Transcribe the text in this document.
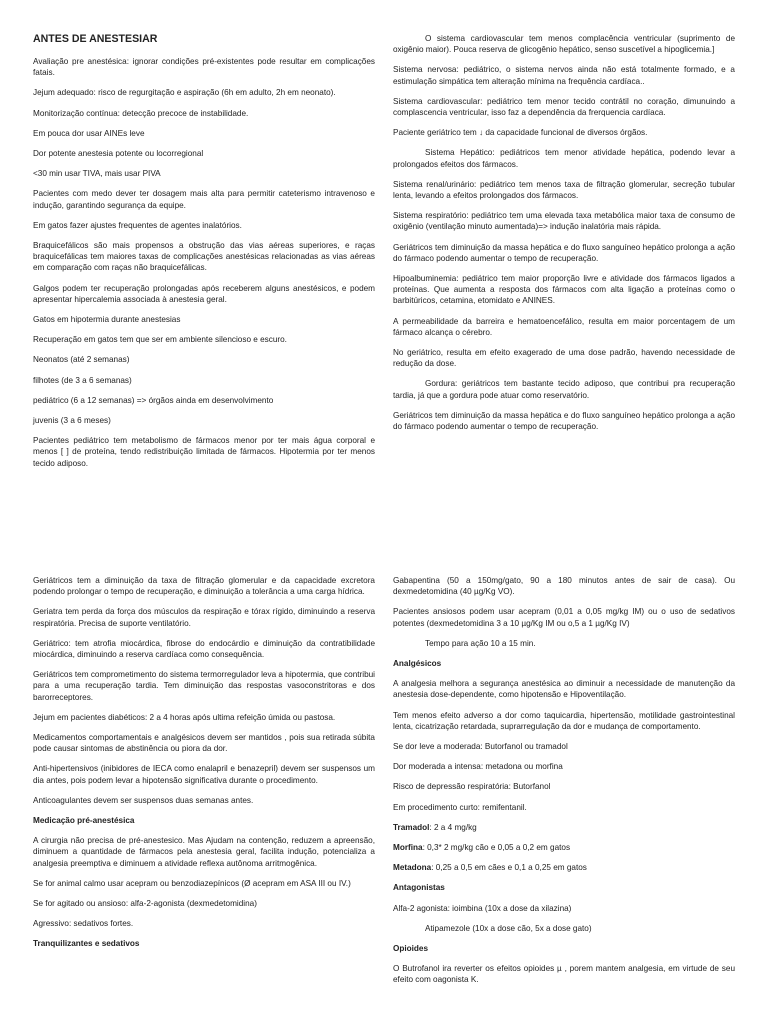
ANTES DE ANESTESIAR

Avaliação pre anestésica: ignorar condições pré-existentes pode resultar em complicações fatais.

Jejum adequado: risco de regurgitação e aspiração (6h em adulto, 2h em neonato).

Monitorização contínua: detecção precoce de instabilidade.

Em pouca dor usar AINEs leve

Dor potente anestesia potente ou locorregional

<30 min usar TIVA, mais usar PIVA

Pacientes com medo dever ter dosagem mais alta para permitir cateterismo intravenoso e indução, garantindo segurança da equipe.

Em gatos fazer ajustes frequentes de agentes inalatórios.

Braquicefálicos são mais propensos a obstrução das vias aéreas superiores, e raças braquicefálicas tem maiores taxas de complicações anestésicas relacionadas as vias aéreas em comparação com raças não braquicefálicas.

Galgos podem ter recuperação prolongadas após receberem alguns anestésicos, e podem apresentar hipercalemia associada à anestesia geral.

Gatos em hipotermia durante anestesias

Recuperação em gatos tem que ser em ambiente silencioso e escuro.

Neonatos (até 2 semanas)

filhotes (de 3 a 6 semanas)

pediátrico (6 a 12 semanas) => órgãos ainda em desenvolvimento

juvenis (3 a 6 meses)

Pacientes pediátrico tem metabolismo de fármacos menor por ter mais água corporal e menos [ ] de proteína, tendo redistribuição limitada de fármacos. Hipotermia por ter menos tecido adiposo.

O sistema cardiovascular tem menos complacência ventricular (suprimento de oxigênio maior). Pouca reserva de glicogênio hepático, senso suscetível a hipoglicemia.]

Sistema nervosa: pediátrico, o sistema nervos ainda não está totalmente formado, e a estimulação simpática tem alteração mínima na frequência cardíaca..

Sistema cardiovascular: pediátrico tem menor tecido contrátil no coração, dimunuindo a complascencia ventricular, isso faz a dependência da frerquencia cardíaca.

Paciente geriátrico tem ↓ da capacidade funcional de diversos órgãos.

Sistema Hepático: pediátricos tem menor atividade hepática, podendo levar a prolongados efeitos dos fármacos.

Sistema renal/urinário: pediátrico tem menos taxa de filtração glomerular, secreção tubular lenta, levando a efeitos prolongados dos fármacos.

Sistema respiratório: pediátrico tem uma elevada taxa metabólica maior taxa de consumo de oxigênio (ventilação minuto aumentada)=> indução inalatória mais rápida.

Geriátricos tem diminuição da massa hepática e do fluxo sanguíneo hepático prolonga a ação do fármaco podendo aumentar o tempo de recuperação.

Hipoalbuminemia: pediátrico tem maior proporção livre e atividade dos fármacos ligados a proteínas. Que aumenta a resposta dos fármacos com alta ligação a proteínas como o barbitúricos, cetamina, etomidato e ANINES.

A permeabilidade da barreira e hematoencefálico, resulta em maior porcentagem de um fármaco alcança o cérebro.

No geriátrico, resulta em efeito exagerado de uma dose padrão, havendo necessidade de redução da dose.

Gordura: geriátricos tem bastante tecido adiposo, que contribui pra recuperação tardia, já que a gordura pode atuar como reservatório.

Geriátricos tem diminuição da massa hepática e do fluxo sanguíneo hepático prolonga a ação do fármaco podendo aumentar o tempo de recuperação.

Geriátricos tem a diminuição da taxa de filtração glomerular e da capacidade excretora podendo prolongar o tempo de recuperação, e diminuição a tolerância a uma carga hídrica.

Geriatra tem perda da força dos músculos da respiração e tórax rígido, diminuindo a reserva respiratória. Precisa de suporte ventilatório.

Geriátrico: tem atrofia miocárdica, fibrose do endocárdio e diminuição da contratibilidade miocárdica, diminuindo a reserva cardíaca como consequência.

Geriátricos tem comprometimento do sistema termorregulador leva a hipotermia, que contribui para a uma recuperação tardia. Tem diminuição das respostas vasoconstritoras e dos barorreceptores.

Jejum em pacientes diabéticos: 2 a 4 horas após ultima refeição úmida ou pastosa.

Medicamentos comportamentais e analgésicos devem ser mantidos , pois sua retirada súbita pode causar sintomas de abstinência ou piora da dor.

Anti-hipertensivos (inibidores de IECA como enalapril e benazepril) devem ser suspensos um dia antes, pois podem levar a hipotensão significativa durante o procedimento.

Anticoagulantes devem ser suspensos duas semanas antes.

Medicação pré-anestésica

A cirurgia não precisa de pré-anestesico. Mas Ajudam na contenção, reduzem a apreensão, diminuem a quantidade de fármacos pela anestesia geral, facilita indução, potencializa a analgesia preemptiva e diminuem a atividade reflexa autônoma arritmogênica.

Se for animal calmo usar acepram ou benzodiazepínicos (Ø acepram em ASA III ou IV.)

Se for agitado ou ansioso: alfa-2-agonista (dexmedetomidina)

Agressivo: sedativos fortes.

Tranquilizantes e sedativos

Gabapentina (50 a 150mg/gato, 90 a 180 minutos antes de sair de casa). Ou dexmedetomidina (40 µg/Kg VO).

Pacientes ansiosos podem usar acepram (0,01 a 0,05 mg/kg IM) ou o uso de sedativos potentes (dexmedetomidina 3 a 10 µg/Kg IM ou o,5 a 1 µg/Kg IV)

Tempo para ação 10 a 15 min.

Analgésicos

A analgesia melhora a segurança anestésica ao diminuir a necessidade de manutenção da anestesia dose-dependente, como hipotensão e Hipoventilação.

Tem menos efeito adverso a dor como taquicardia, hipertensão, motilidade gastrointestinal lenta, cicatrização retardada, suprarregulação da dor e mudança de comportamento.

Se dor leve a moderada: Butorfanol ou tramadol

Dor moderada a intensa: metadona ou morfina

Risco de depressão respiratória: Butorfanol

Em procedimento curto: remifentanil.

Tramadol: 2 a 4 mg/kg

Morfina: 0,3* 2 mg/kg cão e 0,05 a 0,2 em gatos

Metadona: 0,25 a 0,5 em cães e 0,1 a 0,25 em gatos

Antagonistas

Alfa-2 agonista: ioimbina (10x a dose da xilazina)

Atipamezole (10x a dose cão, 5x a dose gato)

Opioides

O Butrofanol ira reverter os efeitos opioides µ , porem mantem analgesia, em virtude de seu efeito com oagonista K.
